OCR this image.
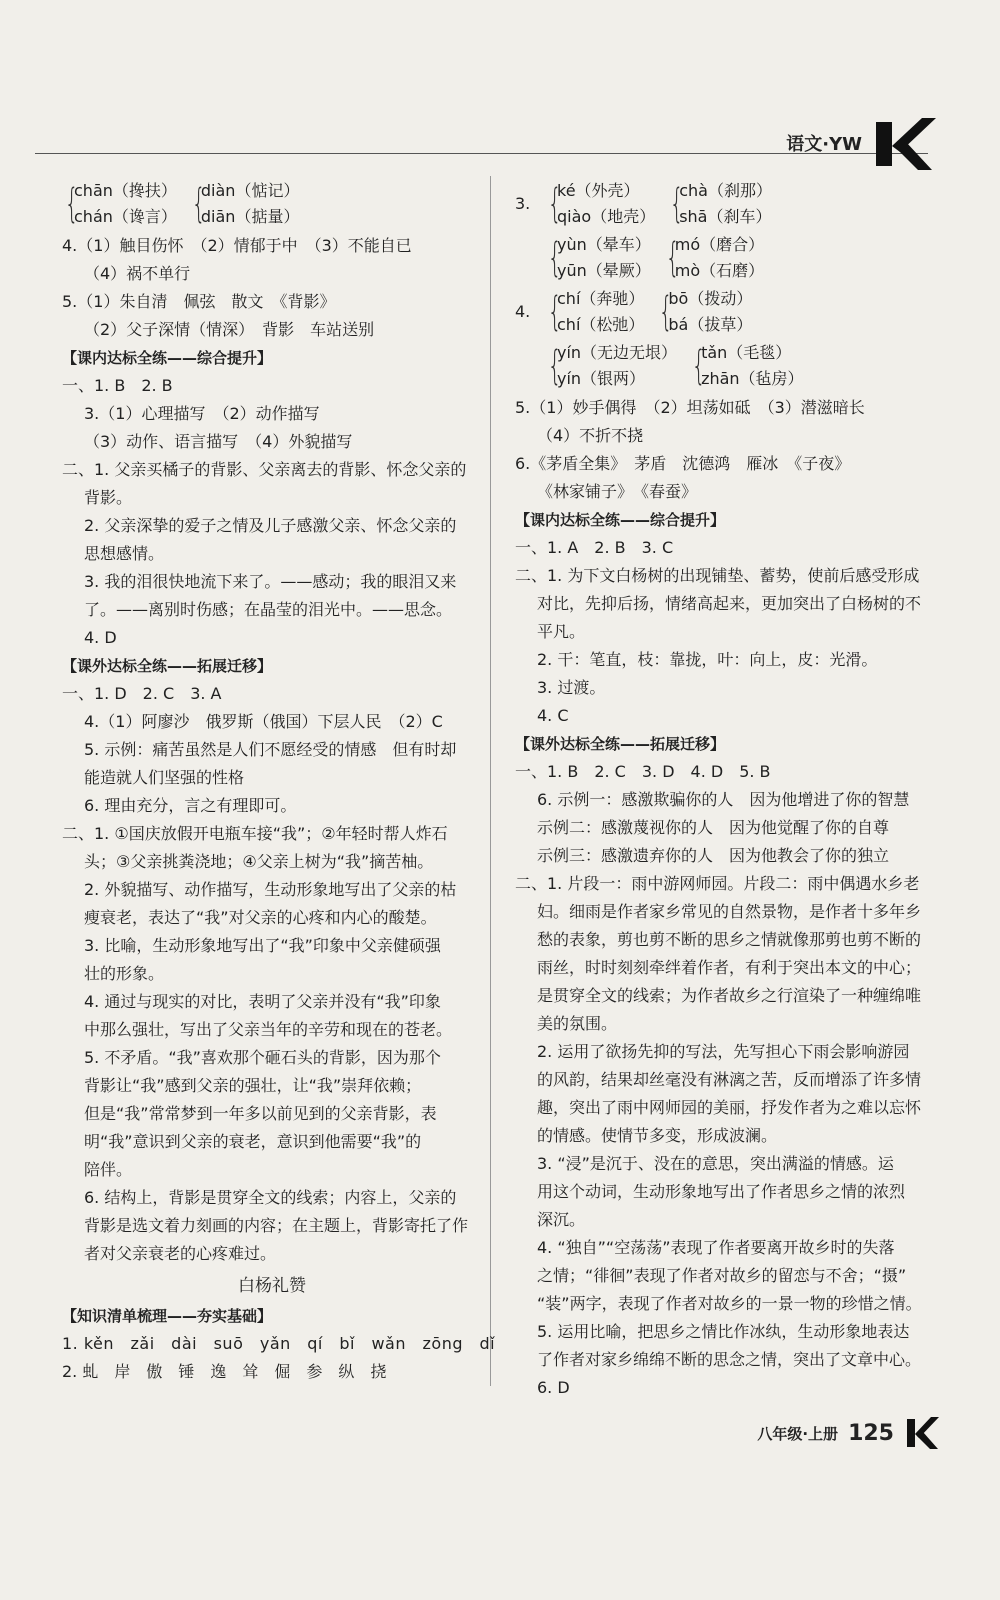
语文·YW
{
chān（搀扶）
chán（谗言） {
diàn（惦记）
diān（掂量）
4.（1）触目伤怀　（2）情郁于中　（3）不能自已
（4）祸不单行
5.（1）朱自清　佩弦　散文　《背影》
（2）父子深情（情深）　背影　车站送别
【课内达标全练——综合提升】
一、1. B　2. B
3.（1）心理描写　（2）动作描写
（3）动作、语言描写　（4）外貌描写
二、1. 父亲买橘子的背影、父亲离去的背影、怀念父亲的
背影。
2. 父亲深挚的爱子之情及儿子感激父亲、怀念父亲的
思想感情。
3. 我的泪很快地流下来了。——感动；我的眼泪又来
了。——离别时伤感；在晶莹的泪光中。——思念。
4. D
【课外达标全练——拓展迁移】
一、1. D　2. C　3. A
4.（1）阿廖沙　俄罗斯（俄国）下层人民　（2）C
5. 示例：痛苦虽然是人们不愿经受的情感　但有时却
能造就人们坚强的性格
6. 理由充分，言之有理即可。
二、1. ①国庆放假开电瓶车接“我”；②年轻时帮人炸石
头；③父亲挑粪浇地；④父亲上树为“我”摘苦柚。
2. 外貌描写、动作描写，生动形象地写出了父亲的枯
瘦衰老，表达了“我”对父亲的心疼和内心的酸楚。
3. 比喻，生动形象地写出了“我”印象中父亲健硕强
壮的形象。
4. 通过与现实的对比，表明了父亲并没有“我”印象
中那么强壮，写出了父亲当年的辛劳和现在的苍老。
5. 不矛盾。“我”喜欢那个砸石头的背影，因为那个
背影让“我”感到父亲的强壮，让“我”崇拜依赖；
但是“我”常常梦到一年多以前见到的父亲背影，表
明“我”意识到父亲的衰老，意识到他需要“我”的
陪伴。
6. 结构上，背影是贯穿全文的线索；内容上，父亲的
背影是选文着力刻画的内容；在主题上，背影寄托了作
者对父亲衰老的心疼难过。
白杨礼赞
【知识清单梳理——夯实基础】
1. kěn　zǎi　dài　suō　yǎn　qí　bǐ　wǎn　zōng　dǐ
2. 虬　岸　傲　锤　逸　耸　倔　参　纵　挠
3. {
ké（外壳）
qiào（地壳） {
chà（刹那）
shā（刹车）
{
yùn（晕车）
yūn（晕厥） {
mó（磨合）
mò（石磨）
4. {
chí（奔驰）
chí（松弛） {
bō（拨动）
bá（拔草）
{
yín（无边无垠）
yín（银两）	{
tǎn（毛毯）
zhān（毡房）
5.（1）妙手偶得　（2）坦荡如砥　（3）潜滋暗长
（4）不折不挠
6.《茅盾全集》　茅盾　沈德鸿　雁冰　《子夜》
《林家铺子》　《春蚕》
【课内达标全练——综合提升】
一、1. A　2. B　3. C
二、1. 为下文白杨树的出现铺垫、蓄势，使前后感受形成
对比，先抑后扬，情绪高起来，更加突出了白杨树的不
平凡。
2. 干：笔直，枝：靠拢，叶：向上，皮：光滑。
3. 过渡。
4. C
【课外达标全练——拓展迁移】
一、1. B　2. C　3. D　4. D　5. B
6. 示例一：感激欺骗你的人　因为他增进了你的智慧
示例二：感激蔑视你的人　因为他觉醒了你的自尊
示例三：感激遗弃你的人　因为他教会了你的独立
二、1. 片段一：雨中游网师园。片段二：雨中偶遇水乡老
妇。细雨是作者家乡常见的自然景物，是作者十多年乡
愁的表象，剪也剪不断的思乡之情就像那剪也剪不断的
雨丝，时时刻刻牵绊着作者，有利于突出本文的中心；
是贯穿全文的线索；为作者故乡之行渲染了一种缠绵唯
美的氛围。
2. 运用了欲扬先抑的写法，先写担心下雨会影响游园
的风韵，结果却丝毫没有淋漓之苦，反而增添了许多情
趣，突出了雨中网师园的美丽，抒发作者为之难以忘怀
的情感。使情节多变，形成波澜。
3. “浸”是沉于、没在的意思，突出满溢的情感。运
用这个动词，生动形象地写出了作者思乡之情的浓烈
深沉。
4. “独自”“空荡荡”表现了作者要离开故乡时的失落
之情；“徘徊”表现了作者对故乡的留恋与不舍；“摄”
“装”两字，表现了作者对故乡的一景一物的珍惜之情。
5. 运用比喻，把思乡之情比作冰纨，生动形象地表达
了作者对家乡绵绵不断的思念之情，突出了文章中心。
6. D
八年级·上册 125
